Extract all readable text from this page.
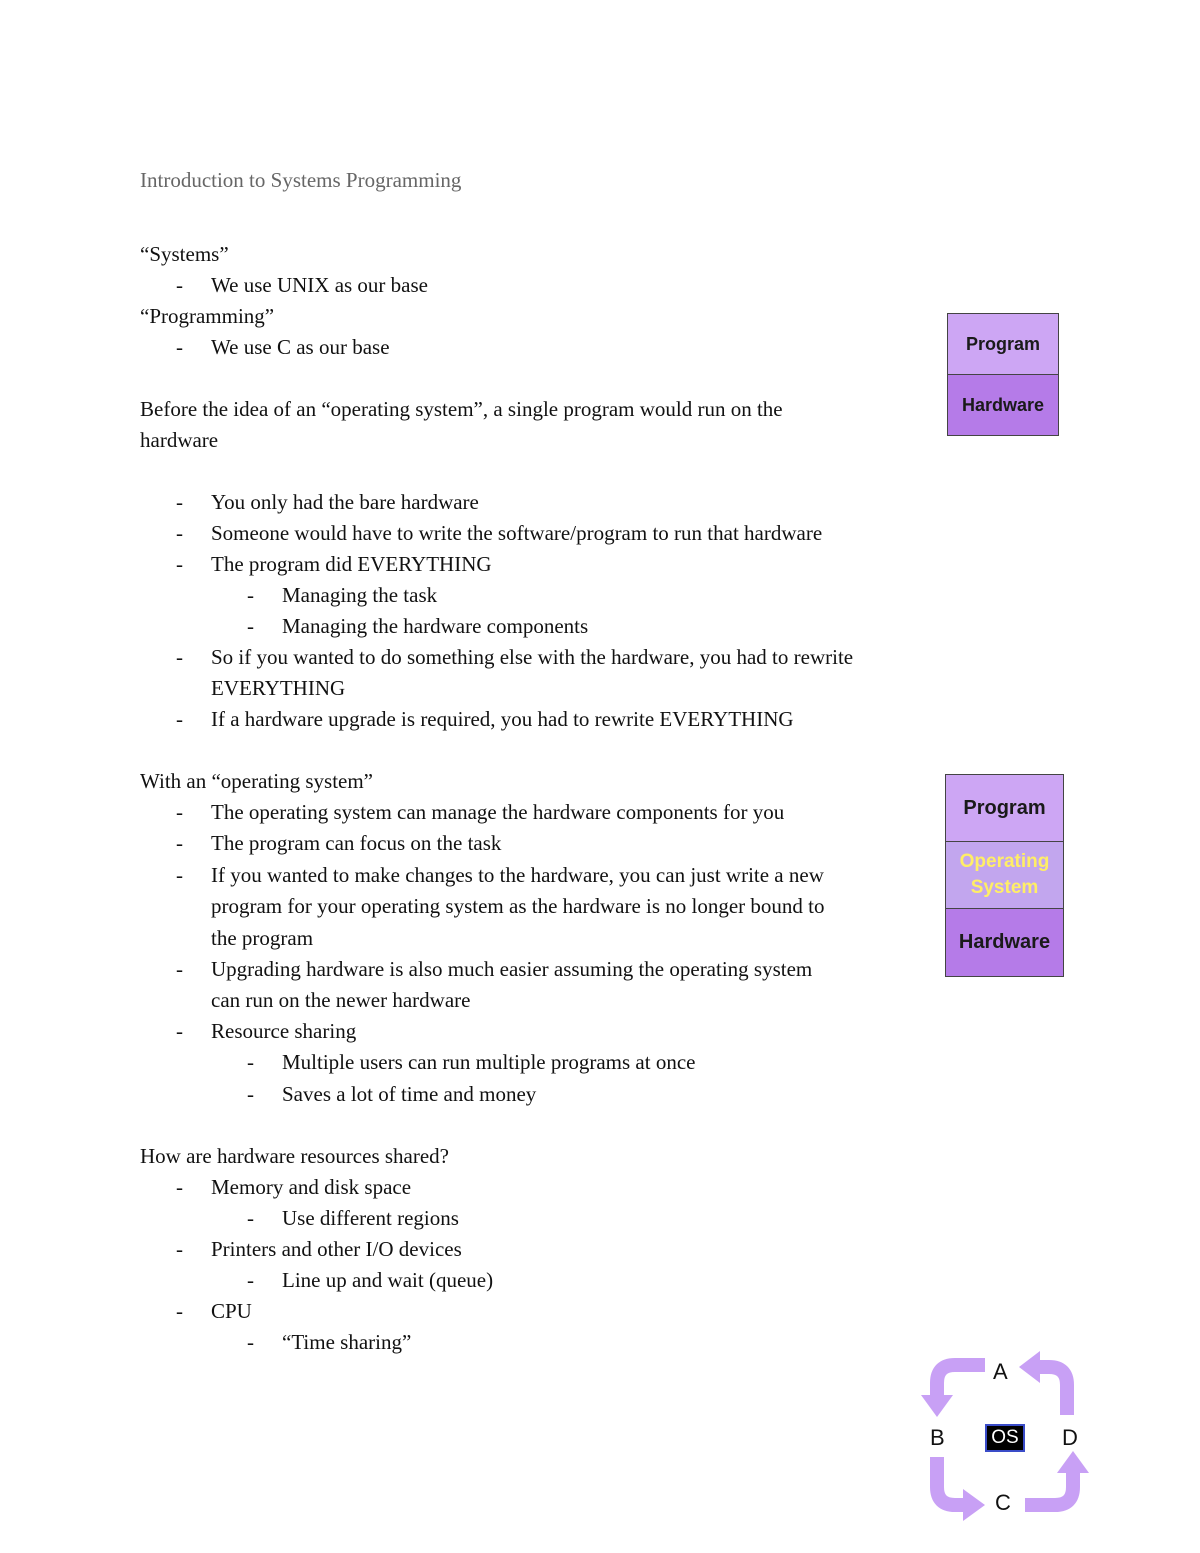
Introduction to Systems Programming
“Systems”
- We use UNIX as our base
“Programming”
- We use C as our base
Before the idea of an “operating system”, a single program would run on the
hardware
- You only had the bare hardware
- Someone would have to write the software/program to run that hardware
- The program did EVERYTHING
- Managing the task
- Managing the hardware components
- So if you wanted to do something else with the hardware, you had to rewrite
EVERYTHING
- If a hardware upgrade is required, you had to rewrite EVERYTHING
With an “operating system”
- The operating system can manage the hardware components for you
- The program can focus on the task
- If you wanted to make changes to the hardware, you can just write a new
program for your operating system as the hardware is no longer bound to
the program
- Upgrading hardware is also much easier assuming the operating system
can run on the newer hardware
- Resource sharing
- Multiple users can run multiple programs at once
- Saves a lot of time and money
How are hardware resources shared?
- Memory and disk space
- Use different regions
- Printers and other I/O devices
- Line up and wait (queue)
- CPU
- “Time sharing”
Program
Hardware
Program
Operating
System
Hardware
A
B
C
D
OS
